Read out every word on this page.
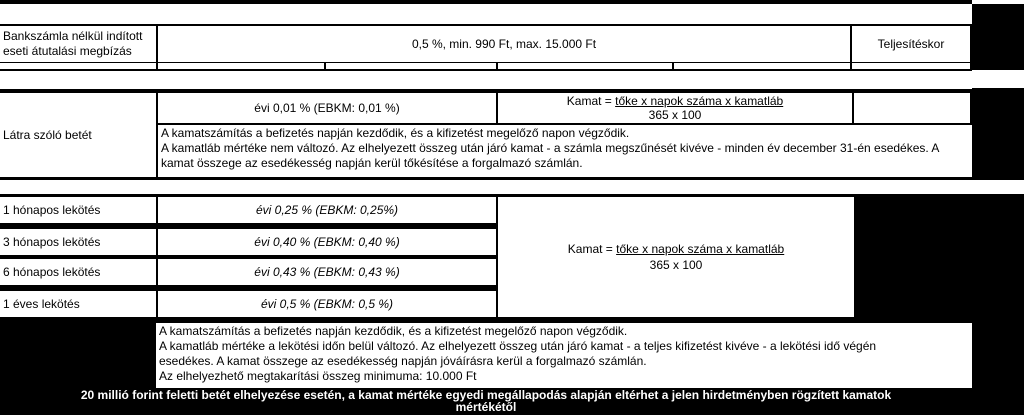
Bankszámla nélkül indított
eseti átutalási megbízás
0,5 %, min. 990 Ft, max. 15.000 Ft	Teljesítéskor
Látra szóló betét
évi 0,01 % (EBKM: 0,01 %)	Kamat = tőke x napok száma x kamatláb
365 x 100
A kamatszámítás a befizetés napján kezdődik, és a kifizetést megelőző napon végződik.
A kamatláb mértéke nem változó. Az elhelyezett összeg után járó kamat - a számla megszűnését kivéve - minden év december 31-én esedékes. A
kamat összege az esedékesség napján kerül tőkésítése a forgalmazó számlán.
1 hónapos lekötés	évi 0,25 % (EBKM: 0,25%)
3 hónapos lekötés	évi 0,40 % (EBKM: 0,40 %)
6 hónapos lekötés	évi 0,43 % (EBKM: 0,43 %)
1 éves lekötés	évi 0,5 % (EBKM: 0,5 %)
Kamat = tőke x napok száma x kamatláb
365 x 100
A kamatszámítás a befizetés napján kezdődik, és a kifizetést megelőző napon végződik.
A kamatláb mértéke a lekötési időn belül változó. Az elhelyezett összeg után járó kamat - a teljes kifizetést kivéve - a lekötési idő végén
esedékes. A kamat összege az esedékesség napján jóváírásra kerül a forgalmazó számlán.
Az elhelyezhető megtakarítási összeg minimuma: 10.000 Ft
20 millió forint feletti betét elhelyezése esetén, a kamat mértéke egyedi megállapodás alapján eltérhet a jelen hirdetményben rögzített kamatok
mértékétől
